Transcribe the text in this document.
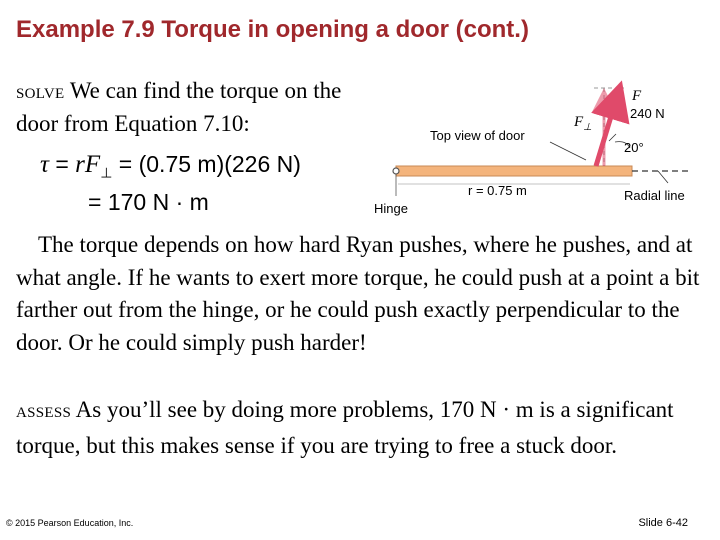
Example 7.9 Torque in opening a door (cont.)
SOLVE We can find the torque on the door from Equation 7.10:
$\tau = rF_\perp = (0.75$ m)(226 N)
= 170 N · m
F
240 N
$F_\perp$
Top view of door
20°
r = 0.75 m
Hinge
Radial line
The torque depends on how hard Ryan pushes, where he pushes, and at what angle. If he wants to exert more torque, he could push at a point a bit farther out from the hinge, or he could push exactly perpendicular to the door. Or he could simply push harder!
ASSESS As you’ll see by doing more problems, 170 N · m is a significant torque, but this makes sense if you are trying to free a stuck door.
© 2015 Pearson Education, Inc.	Slide 6-42
